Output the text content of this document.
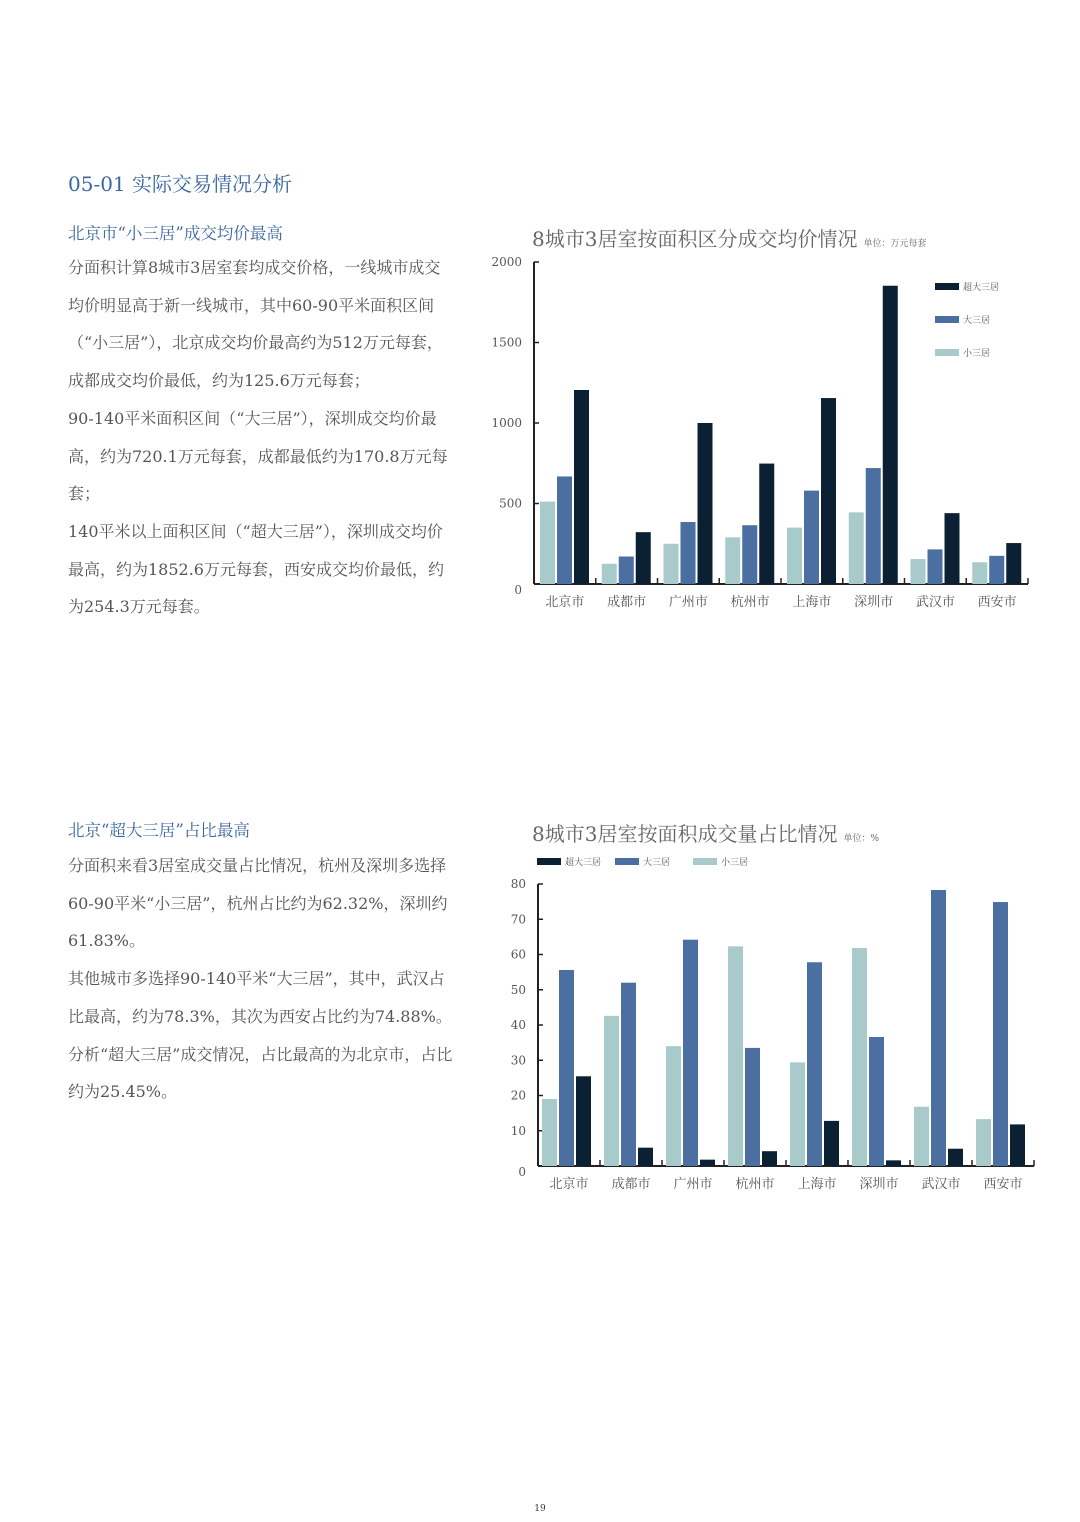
05-01 实际交易情况分析
北京市“小三居”成交均价最高
分面积计算8城市3居室套均成交价格，一线城市成交均价明显高于新一线城市，其中60-90平米面积区间（“小三居”），北京成交均价最高约为512万元每套，成都成交均价最低，约为125.6万元每套；
90-140平米面积区间（“大三居”），深圳成交均价最高，约为720.1万元每套，成都最低约为170.8万元每套；
140平米以上面积区间（“超大三居”），深圳成交均价最高，约为1852.6万元每套，西安成交均价最低，约为254.3万元每套。
8城市3居室按面积区分成交均价情况 单位：万元每套
0
500
1000
1500
2000
北京市 成都市 广州市 杭州市 上海市 深圳市 武汉市 西安市
超大三居
大三居
小三居
北京“超大三居”占比最高
分面积来看3居室成交量占比情况，杭州及深圳多选择60-90平米“小三居”，杭州占比约为62.32%，深圳约61.83%。
其他城市多选择90-140平米“大三居”，其中，武汉占比最高，约为78.3%，其次为西安占比约为74.88%。
分析“超大三居”成交情况，占比最高的为北京市，占比约为25.45%。
8城市3居室按面积成交量占比情况 单位：%
0
10
20
30
40
50
60
70
80
北京市 成都市 广州市 杭州市 上海市 深圳市 武汉市 西安市
超大三居	大三居	小三居
19
